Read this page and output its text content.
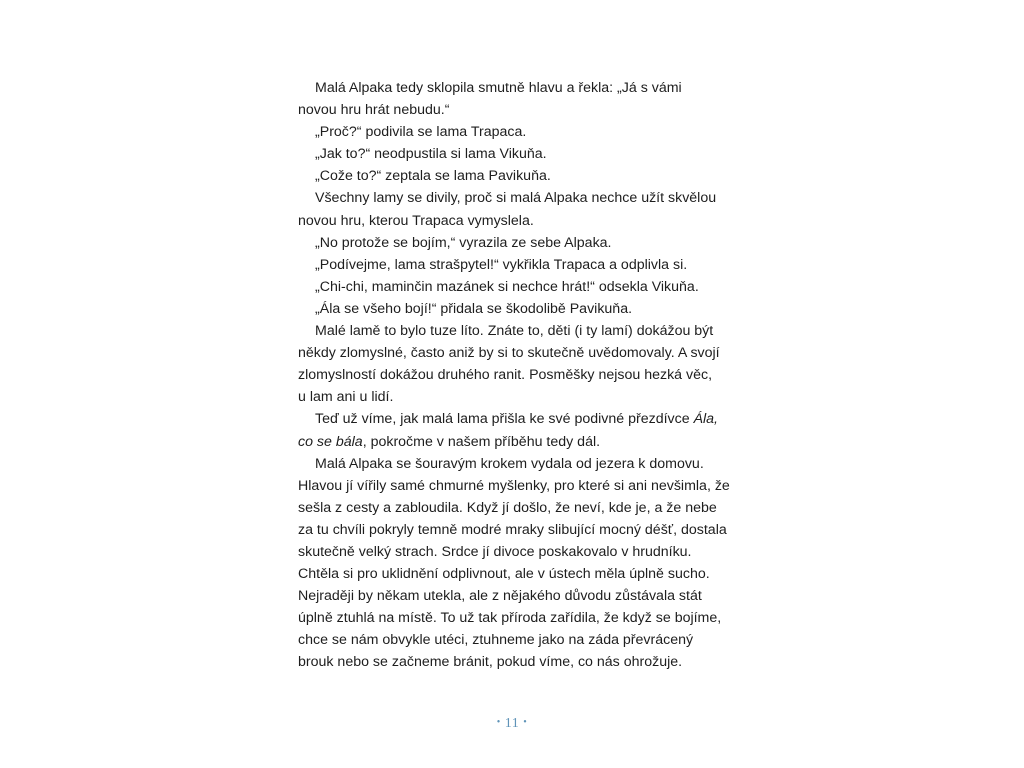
Malá Alpaka tedy sklopila smutně hlavu a řekla: „Já s vámi
novou hru hrát nebudu.“
„Proč?“ podivila se lama Trapaca.
„Jak to?“ neodpustila si lama Vikuňa.
„Cože to?“ zeptala se lama Pavikuňa.
Všechny lamy se divily, proč si malá Alpaka nechce užít skvělou
novou hru, kterou Trapaca vymyslela.
„No protože se bojím,“ vyrazila ze sebe Alpaka.
„Podívejme, lama strašpytel!“ vykřikla Trapaca a odplivla si.
„Chi-chi, maminčin mazánek si nechce hrát!“ odsekla Vikuňa.
„Ála se všeho bojí!“ přidala se škodolibě Pavikuňa.
Malé lamě to bylo tuze líto. Znáte to, děti (i ty lamí) dokážou být
někdy zlomyslné, často aniž by si to skutečně uvědomovaly. A svojí
zlomyslností dokážou druhého ranit. Posměšky nejsou hezká věc,
u lam ani u lidí.
Teď už víme, jak malá lama přišla ke své podivné přezdívce Ála,
co se bála, pokročme v našem příběhu tedy dál.
Malá Alpaka se šouravým krokem vydala od jezera k domovu.
Hlavou jí vířily samé chmurné myšlenky, pro které si ani nevšimla, že
sešla z cesty a zabloudila. Když jí došlo, že neví, kde je, a že nebe
za tu chvíli pokryly temně modré mraky slibující mocný déšť, dostala
skutečně velký strach. Srdce jí divoce poskakovalo v hrudníku.
Chtěla si pro uklidnění odplivnout, ale v ústech měla úplně sucho.
Nejraději by někam utekla, ale z nějakého důvodu zůstávala stát
úplně ztuhlá na místě. To už tak příroda zařídila, že když se bojíme,
chce se nám obvykle utéci, ztuhneme jako na záda převrácený
brouk nebo se začneme bránit, pokud víme, co nás ohrožuje.
• 11 •
